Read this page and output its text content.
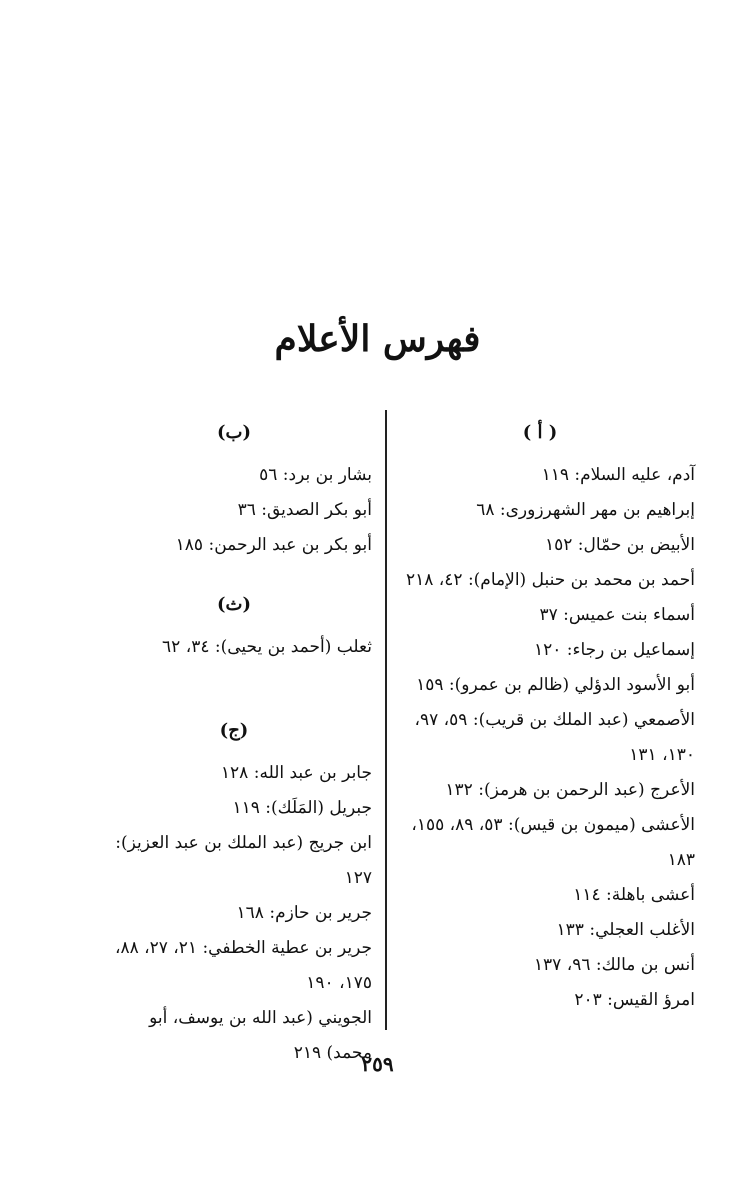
فهرس الأعلام
( أ )
آدم، عليه السلام: ١١٩
إبراهيم بن مهر الشهرزورى: ٦٨
الأبيض بن حمّال: ١٥٢
أحمد بن محمد بن حنبل (الإمام): ٤٢، ٢١٨
أسماء بنت عميس: ٣٧
إسماعيل بن رجاء: ١٢٠
أبو الأسود الدؤلي (ظالم بن عمرو): ١٥٩
الأصمعي (عبد الملك بن قريب): ٥٩، ٩٧، ١٣٠، ١٣١
الأعرج (عبد الرحمن بن هرمز): ١٣٢
الأعشى (ميمون بن قيس): ٥٣، ٨٩، ١٥٥، ١٨٣
أعشى باهلة: ١١٤
الأغلب العجلي: ١٣٣
أنس بن مالك: ٩٦، ١٣٧
امرؤ القيس: ٢٠٣
(ب)
بشار بن برد: ٥٦
أبو بكر الصديق: ٣٦
أبو بكر بن عبد الرحمن: ١٨٥
(ث)
ثعلب (أحمد بن يحيى): ٣٤، ٦٢
(ج)
جابر بن عبد الله: ١٢٨
جبريل (المَلَك): ١١٩
ابن جريج (عبد الملك بن عبد العزيز): ١٢٧
جرير بن حازم: ١٦٨
جرير بن عطية الخطفي: ٢١، ٢٧، ٨٨، ١٧٥، ١٩٠
الجويني (عبد الله بن يوسف، أبو محمد) ٢١٩
٢٥٩
